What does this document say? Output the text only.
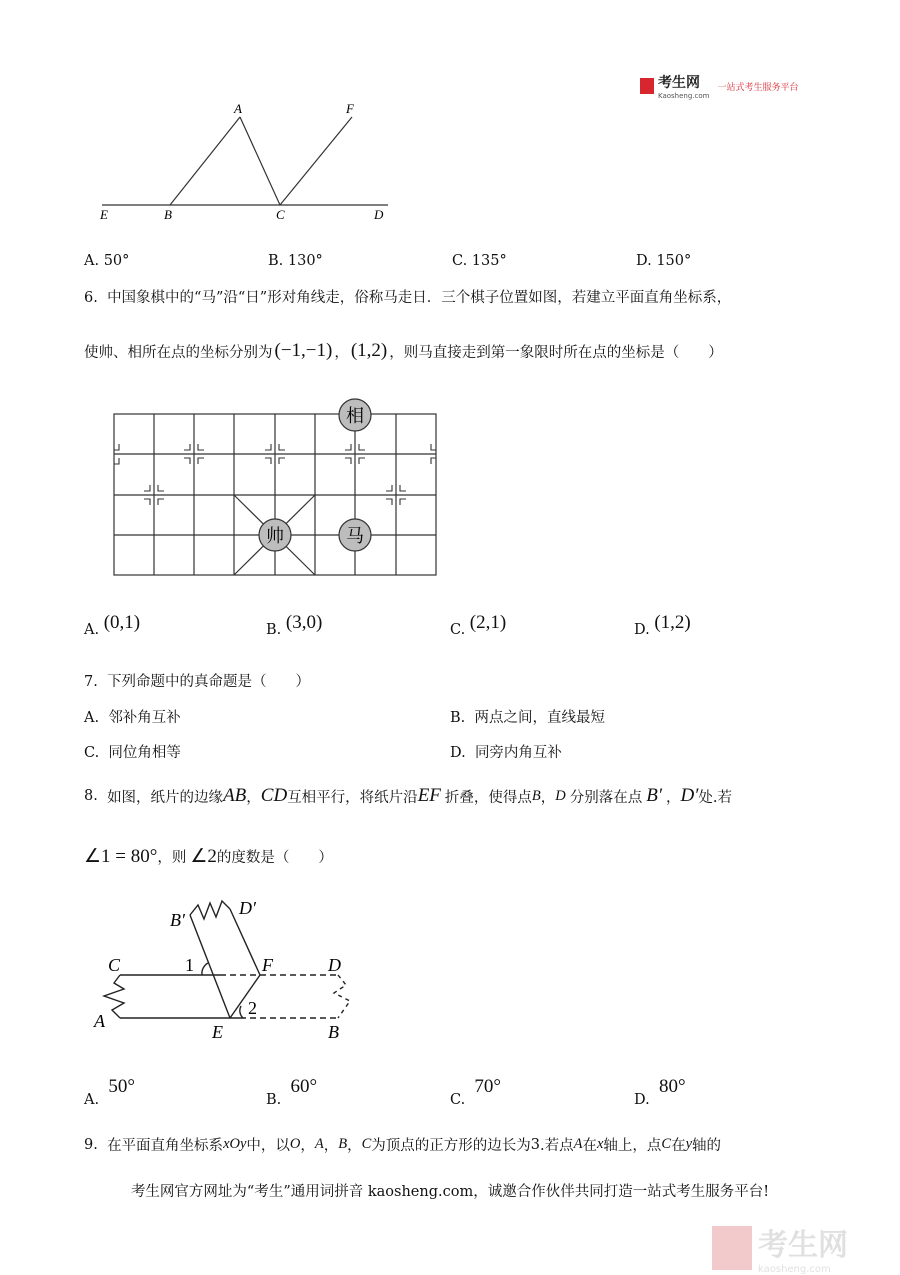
考生网
Kaosheng.com
一站式考生服务平台
A	F
E	B	C	D
A. 50°	B. 130°	C. 135°	D. 150°
6. 中国象棋中的“马”沿“日”形对角线走，俗称马走日．三个棋子位置如图，若建立平面直角坐标系，
使帅、相所在点的坐标分别为 (−1,−1) ， (1,2) ，则马直接走到第一象限时所在点的坐标是（　　）
相
帅	马
A.
(0,1)	B.
(3,0)	C.
(2,1)	D.
(1,2)
7. 下列命题中的真命题是（　　）
A. 邻补角互补	B. 两点之间，直线最短
C. 同位角相等	D. 同旁内角互补
8.
如图，纸片的边缘 AB ， CD 互相平行，将纸片沿 EF 折叠，使得点 B ， D 分别落在点 B′ ， D′ 处.若
∠1 = 80° ，则 ∠2 的度数是（　　）
B′
D′
C	F	D
A
E	B
1
2
A.

50°
B.

60°
C.

70°
D.

80°
9.
在平面直角坐标系 xOy 中，以 O ， A ， B ， C 为顶点的正方形的边长为 3 .若点 A 在 x 轴上，点 C 在 y 轴的
考生网官方网址为“考生”通用词拼音 kaosheng.com，诚邀合作伙伴共同打造一站式考生服务平台!
考生网
kaosheng.com
